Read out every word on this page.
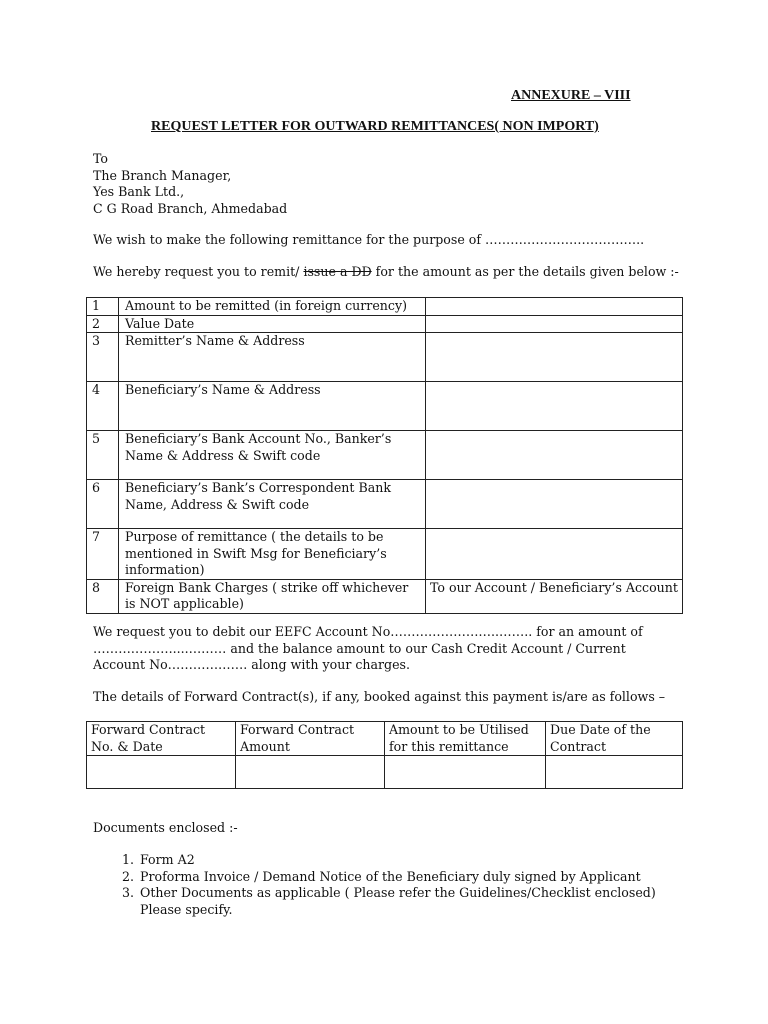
ANNEXURE – VIII
REQUEST LETTER FOR OUTWARD REMITTANCES( NON IMPORT)
To
The Branch Manager,
Yes Bank Ltd.,
C G Road Branch, Ahmedabad
We wish to make the following remittance for the purpose of ………………………………..
We hereby request you to remit/ issue a DD for the amount as per the details given below :-
1	Amount to be remitted (in foreign currency)	
2	Value Date	
3	Remitter’s Name & Address	
4	Beneficiary’s Name & Address	
5	Beneficiary’s Bank Account No., Banker’s Name & Address & Swift code	
6	Beneficiary’s Bank’s Correspondent Bank Name, Address & Swift code	
7	Purpose of remittance ( the details to be mentioned in Swift Msg for Beneficiary’s information)	
8	Foreign Bank Charges ( strike off whichever is NOT applicable)	To our Account / Beneficiary’s Account
We request you to debit our EEFC Account No……………………..…….. for an amount of ……………….....……… and the balance amount to our Cash Credit Account / Current Account No………………. along with your charges.
The details of Forward Contract(s), if any, booked against this payment is/are as follows –
Forward Contract No. & Date	Forward Contract Amount	Amount to be Utilised for this remittance	Due Date of the Contract

Documents enclosed :-
1. Form A2
2. Proforma Invoice / Demand Notice of the Beneficiary duly signed by Applicant
3. Other Documents as applicable ( Please refer the Guidelines/Checklist enclosed) Please specify.
